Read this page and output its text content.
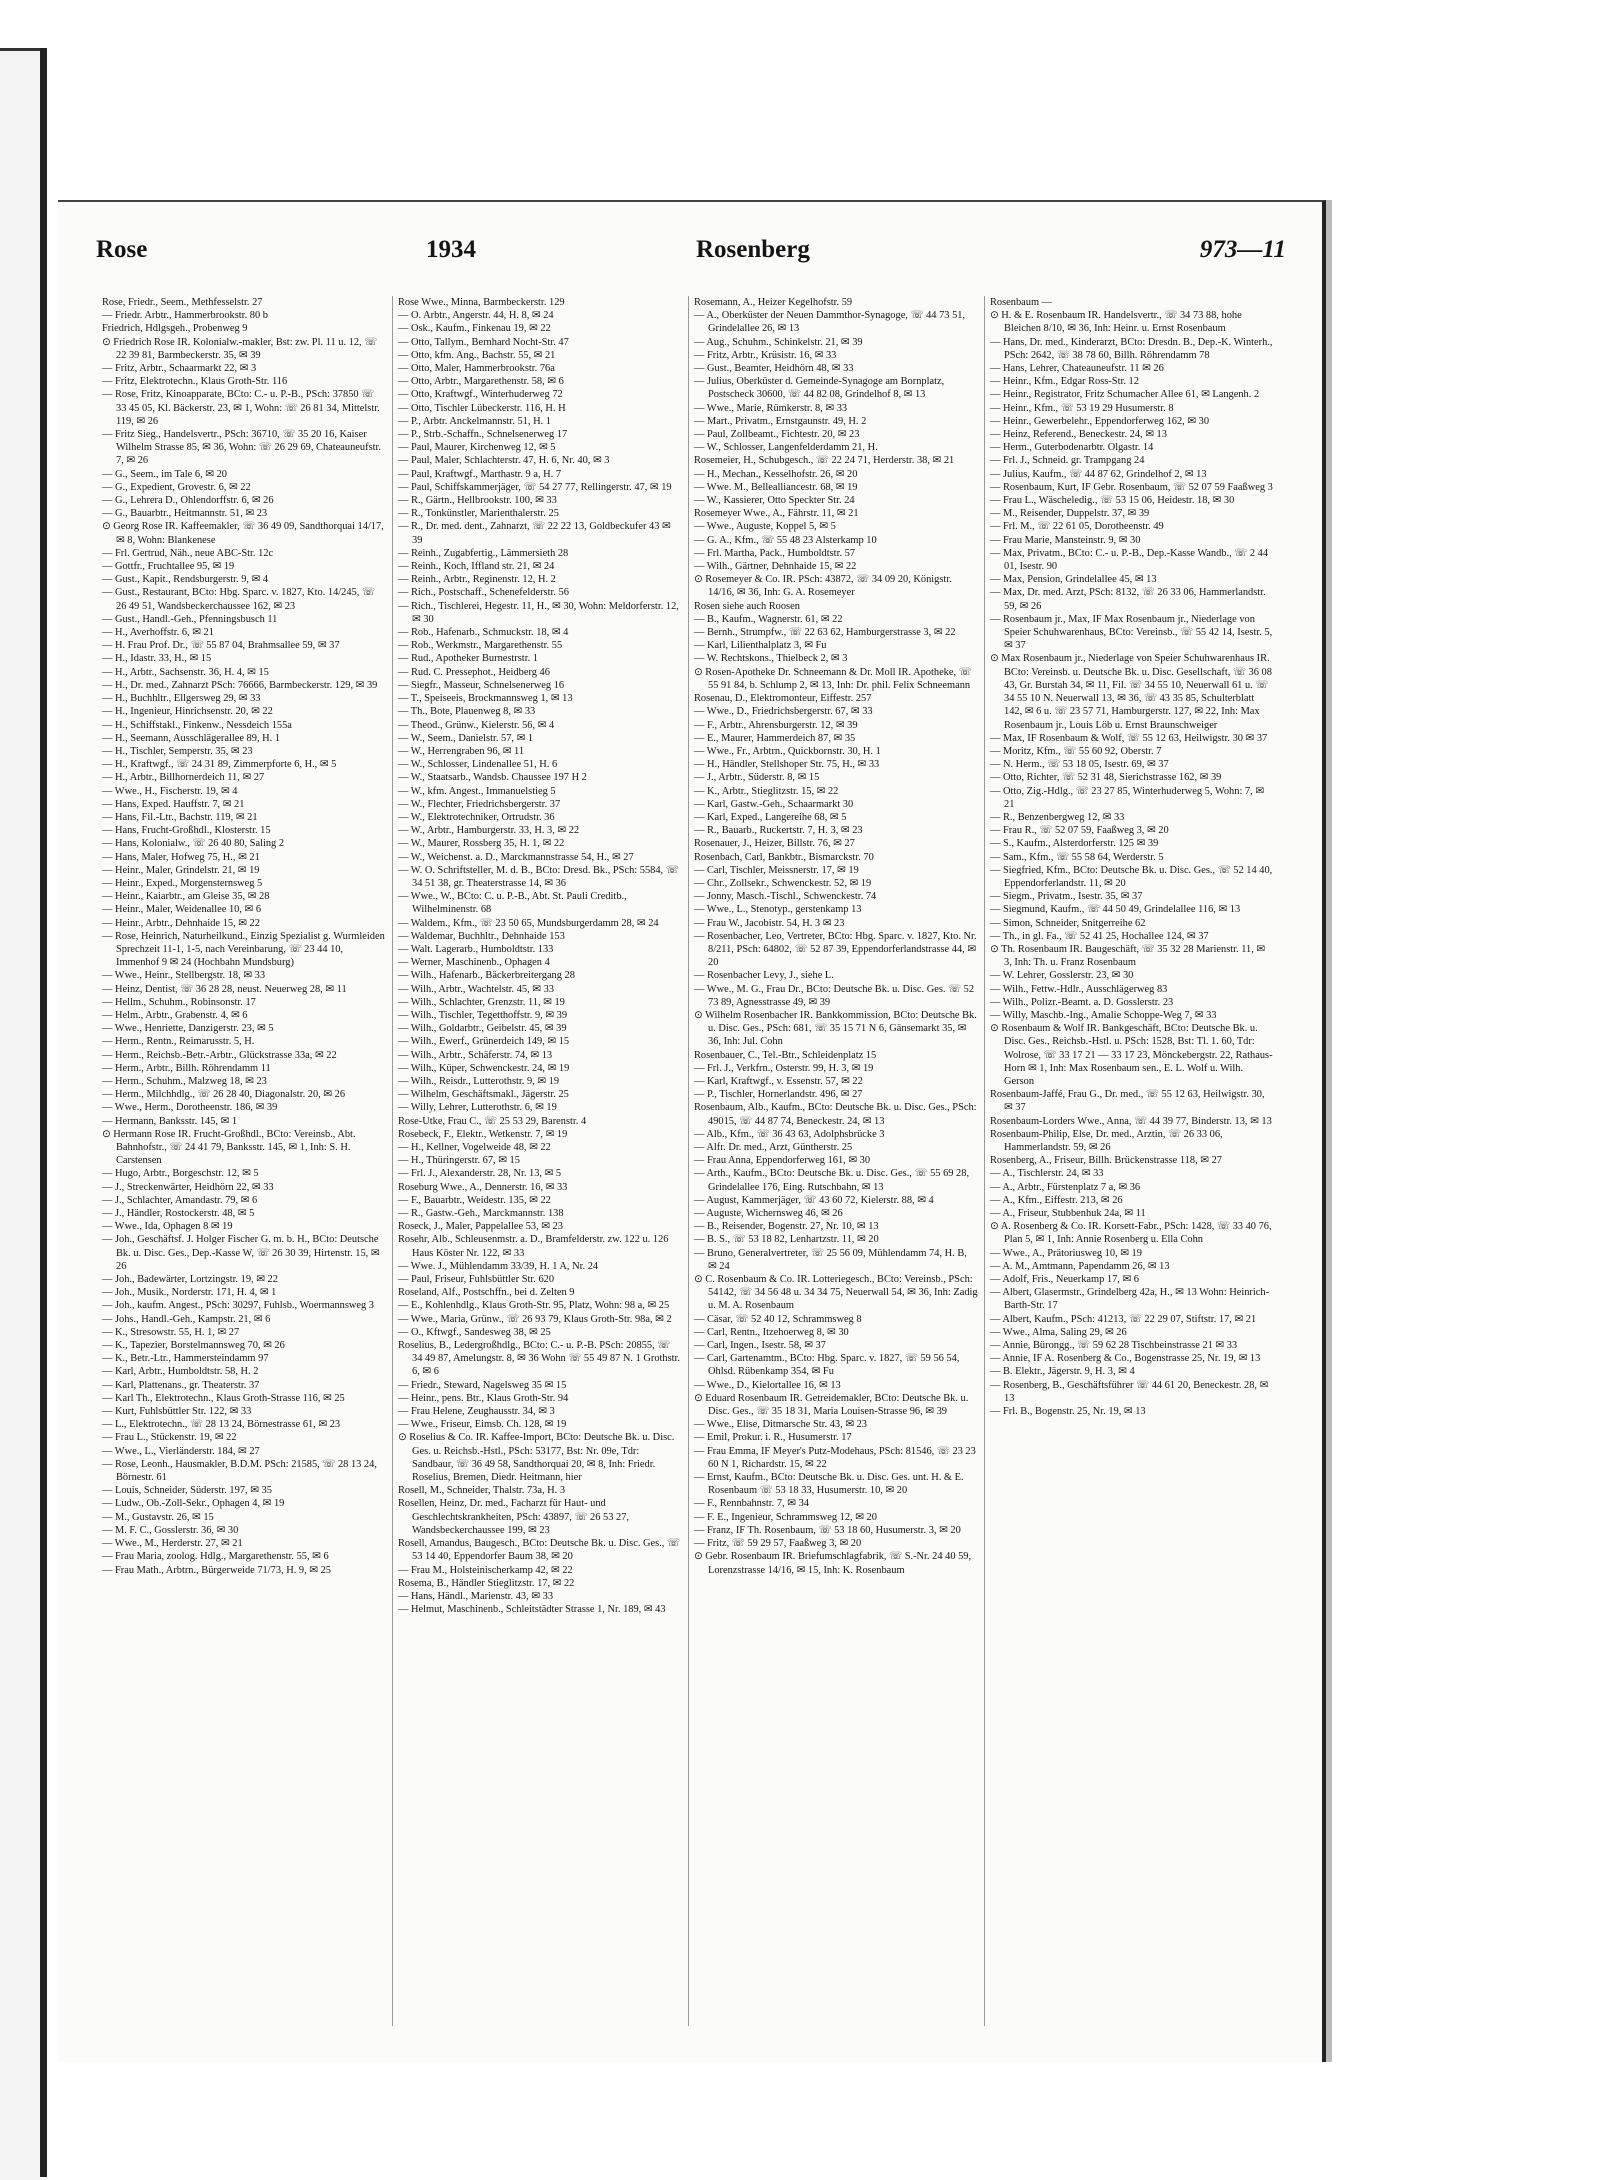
Rose	1934	Rosenberg	973—11

Rose, Friedr., Seem., Methfesselstr. 27

— Friedr. Arbtr., Hammerbrookstr. 80 b

Friedrich, Hdlgsgeh., Probenweg 9

⊙ Friedrich Rose IR. Kolonialw.-makler, Bst: zw. Pl. 11 u. 12, ☏ 22 39 81, Barmbeckerstr. 35, ✉ 39

— Fritz, Arbtr., Schaarmarkt 22, ✉ 3

— Fritz, Elektrotechn., Klaus Groth-Str. 116

— Rose, Fritz, Kinoapparate, BCto: C.- u. P.-B., PSch: 37850 ☏ 33 45 05, Kl. Bäckerstr. 23, ✉ 1, Wohn: ☏ 26 81 34, Mittelstr. 119, ✉ 26

— Fritz Sieg., Handelsvertr., PSch: 36710, ☏ 35 20 16, Kaiser Wilhelm Strasse 85, ✉ 36, Wohn: ☏ 26 29 69, Chateauneufstr. 7, ✉ 26

— G., Seem., im Tale 6, ✉ 20

— G., Expedient, Grovestr. 6, ✉ 22

— G., Lehrera D., Ohlendorffstr. 6, ✉ 26

— G., Bauarbtr., Heitmannstr. 51, ✉ 23

⊙ Georg Rose IR. Kaffeemakler, ☏ 36 49 09, Sandthorquai 14/17, ✉ 8, Wohn: Blankenese

— Frl. Gertrud, Näh., neue ABC-Str. 12c

— Gottfr., Fruchtallee 95, ✉ 19

— Gust., Kapit., Rendsburgerstr. 9, ✉ 4

— Gust., Restaurant, BCto: Hbg. Sparc. v. 1827, Kto. 14/245, ☏ 26 49 51, Wandsbeckerchaussee 162, ✉ 23

— Gust., Handl.-Geh., Pfenningsbusch 11

— H., Averhoffstr. 6, ✉ 21

— H. Frau Prof. Dr., ☏ 55 87 04, Brahmsallee 59, ✉ 37

— H., Idastr. 33, H., ✉ 15

— H., Arbtr., Sachsenstr. 36, H. 4, ✉ 15

— H., Dr. med., Zahnarzt PSch: 76666, Barmbeckerstr. 129, ✉ 39

— H., Buchhltr., Ellgersweg 29, ✉ 33

— H., Ingenieur, Hinrichsenstr. 20, ✉ 22

— H., Schiffstakl., Finkenw., Nessdeich 155a

— H., Seemann, Ausschlägerallee 89, H. 1

— H., Tischler, Semperstr. 35, ✉ 23

— H., Kraftwgf., ☏ 24 31 89, Zimmerpforte 6, H., ✉ 5

— H., Arbtr., Billhornerdeich 11, ✉ 27

— Wwe., H., Fischerstr. 19, ✉ 4

— Hans, Exped. Hauffstr. 7, ✉ 21

— Hans, Fil.-Ltr., Bachstr. 119, ✉ 21

— Hans, Frucht-Großhdl., Klosterstr. 15

— Hans, Kolonialw., ☏ 26 40 80, Saling 2

— Hans, Maler, Hofweg 75, H., ✉ 21

— Heinr., Maler, Grindelstr. 21, ✉ 19

— Heinr., Exped., Morgensternsweg 5

— Heinr., Kaiarbtr., am Gleise 35, ✉ 28

— Heinr., Maler, Weidenallee 10, ✉ 6

— Heinr., Arbtr., Dehnhaide 15, ✉ 22

— Rose, Heinrich, Naturheilkund., Einzig Spezialist g. Wurmleiden Sprechzeit 11-1, 1-5, nach Vereinbarung, ☏ 23 44 10, Immenhof 9 ✉ 24 (Hochbahn Mundsburg)

— Wwe., Heinr., Stellbergstr. 18, ✉ 33

— Heinz, Dentist, ☏ 36 28 28, neust. Neuerweg 28, ✉ 11

— Hellm., Schuhm., Robinsonstr. 17

— Helm., Arbtr., Grabenstr. 4, ✉ 6

— Wwe., Henriette, Danzigerstr. 23, ✉ 5

— Herm., Rentn., Reimarusstr. 5, H.

— Herm., Reichsb.-Betr.-Arbtr., Glückstrasse 33a, ✉ 22

— Herm., Arbtr., Billh. Röhrendamm 11

— Herm., Schuhm., Malzweg 18, ✉ 23

— Herm., Milchhdlg., ☏ 26 28 40, Diagonalstr. 20, ✉ 26

— Wwe., Herm., Dorotheenstr. 186, ✉ 39

— Hermann, Banksstr. 145, ✉ 1

⊙ Hermann Rose IR. Frucht-Großhdl., BCto: Vereinsb., Abt. Bahnhofstr., ☏ 24 41 79, Banksstr. 145, ✉ 1, Inh: S. H. Carstensen

— Hugo, Arbtr., Borgeschstr. 12, ✉ 5

— J., Streckenwärter, Heidhörn 22, ✉ 33

— J., Schlachter, Amandastr. 79, ✉ 6

— J., Händler, Rostockerstr. 48, ✉ 5

— Wwe., Ida, Ophagen 8 ✉ 19

— Joh., Geschäftsf. J. Holger Fischer G. m. b. H., BCto: Deutsche Bk. u. Disc. Ges., Dep.-Kasse W, ☏ 26 30 39, Hirtenstr. 15, ✉ 26

— Joh., Badewärter, Lortzingstr. 19, ✉ 22

— Joh., Musik., Norderstr. 171, H. 4, ✉ 1

— Joh., kaufm. Angest., PSch: 30297, Fuhlsb., Woermannsweg 3

— Johs., Handl.-Geh., Kampstr. 21, ✉ 6

— K., Stresowstr. 55, H. 1, ✉ 27

— K., Tapezier, Borstelmannsweg 70, ✉ 26

— K., Betr.-Ltr., Hammersteindamm 97

— Karl, Arbtr., Humboldtstr. 58, H. 2

— Karl, Plattenans., gr. Theaterstr. 37

— Karl Th., Elektrotechn., Klaus Groth-Strasse 116, ✉ 25

— Kurt, Fuhlsbüttler Str. 122, ✉ 33

— L., Elektrotechn., ☏ 28 13 24, Börnestrasse 61, ✉ 23

— Frau L., Stückenstr. 19, ✉ 22

— Wwe., L., Vierländerstr. 184, ✉ 27

— Rose, Leonh., Hausmakler, B.D.M. PSch: 21585, ☏ 28 13 24, Börnestr. 61

— Louis, Schneider, Süderstr. 197, ✉ 35

— Ludw., Ob.-Zoll-Sekr., Ophagen 4, ✉ 19

— M., Gustavstr. 26, ✉ 15

— M. F. C., Gosslerstr. 36, ✉ 30

— Wwe., M., Herderstr. 27, ✉ 21

— Frau Maria, zoolog. Hdlg., Margarethenstr. 55, ✉ 6

— Frau Math., Arbtrn., Bürgerweide 71/73, H. 9, ✉ 25

Rose Wwe., Minna, Barmbeckerstr. 129

— O. Arbtr., Angerstr. 44, H. 8, ✉ 24

— Osk., Kaufm., Finkenau 19, ✉ 22

— Otto, Tallym., Bernhard Nocht-Str. 47

— Otto, kfm. Ang., Bachstr. 55, ✉ 21

— Otto, Maler, Hammerbrookstr. 76a

— Otto, Arbtr., Margarethenstr. 58, ✉ 6

— Otto, Kraftwgf., Winterhuderweg 72

— Otto, Tischler Lübeckerstr. 116, H. H

— P., Arbtr. Anckelmannstr. 51, H. 1

— P., Strb.-Schaffn., Schnelsenerweg 17

— Paul, Maurer, Kirchenweg 12, ✉ 5

— Paul, Maler, Schlachterstr. 47, H. 6, Nr. 40, ✉ 3

— Paul, Kraftwgf., Marthastr. 9 a, H. 7

— Paul, Schiffskammerjäger, ☏ 54 27 77, Rellingerstr. 47, ✉ 19

— R., Gärtn., Hellbrookstr. 100, ✉ 33

— R., Tonkünstler, Marienthalerstr. 25

— R., Dr. med. dent., Zahnarzt, ☏ 22 22 13, Goldbeckufer 43 ✉ 39

— Reinh., Zugabfertig., Lämmersieth 28

— Reinh., Koch, Iffland str. 21, ✉ 24

— Reinh., Arbtr., Reginenstr. 12, H. 2

— Rich., Postschaff., Schenefelderstr. 56

— Rich., Tischlerei, Hegestr. 11, H., ✉ 30, Wohn: Meldorferstr. 12, ✉ 30

— Rob., Hafenarb., Schmuckstr. 18, ✉ 4

— Rob., Werkmstr., Margarethenstr. 55

— Rud., Apotheker Burnestrstr. 1

— Rud. C. Pressephot., Heidberg 46

— Siegfr., Masseur, Schnelsenerweg 16

— T., Speiseeis, Brockmannsweg 1, ✉ 13

— Th., Bote, Plauenweg 8, ✉ 33

— Theod., Grünw., Kielerstr. 56, ✉ 4

— W., Seem., Danielstr. 57, ✉ 1

— W., Herrengraben 96, ✉ 11

— W., Schlosser, Lindenallee 51, H. 6

— W., Staatsarb., Wandsb. Chaussee 197 H 2

— W., kfm. Angest., Immanuelstieg 5

— W., Flechter, Friedrichsbergerstr. 37

— W., Elektrotechniker, Ortrudstr. 36

— W., Arbtr., Hamburgerstr. 33, H. 3, ✉ 22

— W., Maurer, Rossberg 35, H. 1, ✉ 22

— W., Weichenst. a. D., Marckmannstrasse 54, H., ✉ 27

— W. O. Schriftsteller, M. d. B., BCto: Dresd. Bk., PSch: 5584, ☏ 34 51 38, gr. Theaterstrasse 14, ✉ 36

— Wwe., W., BCto: C. u. P.-B., Abt. St. Pauli Creditb., Wilhelminenstr. 68

— Waldem., Kfm., ☏ 23 50 65, Mundsburgerdamm 28, ✉ 24

— Waldemar, Buchhltr., Dehnhaide 153

— Walt. Lagerarb., Humboldtstr. 133

— Werner, Maschinenb., Ophagen 4

— Wilh., Hafenarb., Bäckerbreitergang 28

— Wilh., Arbtr., Wachtelstr. 45, ✉ 33

— Wilh., Schlachter, Grenzstr. 11, ✉ 19

— Wilh., Tischler, Tegetthoffstr. 9, ✉ 39

— Wilh., Goldarbtr., Geibelstr. 45, ✉ 39

— Wilh., Ewerf., Grünerdeich 149, ✉ 15

— Wilh., Arbtr., Schäferstr. 74, ✉ 13

— Wilh., Küper, Schwenckestr. 24, ✉ 19

— Wilh., Reisdr., Lutterothstr. 9, ✉ 19

— Wilhelm, Geschäftsmakl., Jägerstr. 25

— Willy, Lehrer, Lutterothstr. 6, ✉ 19

Rose-Utke, Frau C., ☏ 25 53 29, Barenstr. 4

Rosebeck, F., Elektr., Wetkenstr. 7, ✉ 19

— H., Kellner, Vogelweide 48, ✉ 22

— H., Thüringerstr. 67, ✉ 15

— Frl. J., Alexanderstr. 28, Nr. 13, ✉ 5

Roseburg Wwe., A., Dennerstr. 16, ✉ 33

— F., Bauarbtr., Weidestr. 135, ✉ 22

— R., Gastw.-Geh., Marckmannstr. 138

Roseck, J., Maler, Pappelallee 53, ✉ 23

Rosehr, Alb., Schleusenmstr. a. D., Bramfelderstr. zw. 122 u. 126 Haus Köster Nr. 122, ✉ 33

— Wwe. J., Mühlendamm 33/39, H. 1 A, Nr. 24

— Paul, Friseur, Fuhlsbüttler Str. 620

Roseland, Alf., Postschffn., bei d. Zelten 9

— E., Kohlenhdlg., Klaus Groth-Str. 95, Platz, Wohn: 98 a, ✉ 25

— Wwe., Maria, Grünw., ☏ 26 93 79, Klaus Groth-Str. 98a, ✉ 2

— O., Kftwgf., Sandesweg 38, ✉ 25

Roselius, B., Ledergroßhdlg., BCto: C.- u. P.-B. PSch: 20855, ☏ 34 49 87, Amelungstr. 8, ✉ 36 Wohn ☏ 55 49 87 N. 1 Grothstr. 6, ✉ 6

— Friedr., Steward, Nagelsweg 35 ✉ 15

— Heinr., pens. Btr., Klaus Groth-Str. 94

— Frau Helene, Zeughausstr. 34, ✉ 3

— Wwe., Friseur, Eimsb. Ch. 128, ✉ 19

⊙ Roselius & Co. IR. Kaffee-Import, BCto: Deutsche Bk. u. Disc. Ges. u. Reichsb.-Hstl., PSch: 53177, Bst: Nr. 09e, Tdr: Sandbaur, ☏ 36 49 58, Sandthorquai 20, ✉ 8, Inh: Friedr. Roselius, Bremen, Diedr. Heitmann, hier

Rosell, M., Schneider, Thalstr. 73a, H. 3

Rosellen, Heinz, Dr. med., Facharzt für Haut- und Geschlechtskrankheiten, PSch: 43897, ☏ 26 53 27, Wandsbeckerchaussee 199, ✉ 23

Rosell, Amandus, Baugesch., BCto: Deutsche Bk. u. Disc. Ges., ☏ 53 14 40, Eppendorfer Baum 38, ✉ 20

— Frau M., Holsteinischerkamp 42, ✉ 22

Rosema, B., Händler Stieglitzstr. 17, ✉ 22

— Hans, Händl., Marienstr. 43, ✉ 33

— Helmut, Maschinenb., Schleitstädter Strasse 1, Nr. 189, ✉ 43

Rosemann, A., Heizer Kegelhofstr. 59

— A., Oberküster der Neuen Dammthor-Synagoge, ☏ 44 73 51, Grindelallee 26, ✉ 13

— Aug., Schuhm., Schinkelstr. 21, ✉ 39

— Fritz, Arbtr., Krüsistr. 16, ✉ 33

— Gust., Beamter, Heidhörn 48, ✉ 33

— Julius, Oberküster d. Gemeinde-Synagoge am Bornplatz, Postscheck 30600, ☏ 44 82 08, Grindelhof 8, ✉ 13

— Wwe., Marie, Rümkerstr. 8, ✉ 33

— Mart., Privatm., Ernstgaunstr. 49, H. 2

— Paul, Zollbeamt., Fichtestr. 20, ✉ 23

— W., Schlosser, Langenfelderdamm 21, H.

Rosemeier, H., Schubgesch., ☏ 22 24 71, Herderstr. 38, ✉ 21

— H., Mechan., Kesselhofstr. 26, ✉ 20

— Wwe. M., Bellealliancestr. 68, ✉ 19

— W., Kassierer, Otto Speckter Str. 24

Rosemeyer Wwe., A., Fährstr. 11, ✉ 21

— Wwe., Auguste, Koppel 5, ✉ 5

— G. A., Kfm., ☏ 55 48 23 Alsterkamp 10

— Frl. Martha, Pack., Humboldtstr. 57

— Wilh., Gärtner, Dehnhaide 15, ✉ 22

⊙ Rosemeyer & Co. IR. PSch: 43872, ☏ 34 09 20, Königstr. 14/16, ✉ 36, Inh: G. A. Rosemeyer

Rosen siehe auch Roosen

— B., Kaufm., Wagnerstr. 61, ✉ 22

— Bernh., Strumpfw., ☏ 22 63 62, Hamburgerstrasse 3, ✉ 22

— Karl, Lilienthalplatz 3, ✉ Fu

— W. Rechtskons., Thielbeck 2, ✉ 3

⊙ Rosen-Apotheke Dr. Schneemann & Dr. Moll IR. Apotheke, ☏ 55 91 84, b. Schlump 2, ✉ 13, Inh: Dr. phil. Felix Schneemann

Rosenau, D., Elektromonteur, Eiffestr. 257

— Wwe., D., Friedrichsbergerstr. 67, ✉ 33

— F., Arbtr., Ahrensburgerstr. 12, ✉ 39

— E., Maurer, Hammerdeich 87, ✉ 35

— Wwe., Fr., Arbtrn., Quickbornstr. 30, H. 1

— H., Händler, Stellshoper Str. 75, H., ✉ 33

— J., Arbtr., Süderstr. 8, ✉ 15

— K., Arbtr., Stieglitzstr. 15, ✉ 22

— Karl, Gastw.-Geh., Schaarmarkt 30

— Karl, Exped., Langereihe 68, ✉ 5

— R., Bauarb., Ruckertstr. 7, H. 3, ✉ 23

Rosenauer, J., Heizer, Billstr. 76, ✉ 27

Rosenbach, Carl, Bankbtr., Bismarckstr. 70

— Carl, Tischler, Meissnerstr. 17, ✉ 19

— Chr., Zollsekr., Schwenckestr. 52, ✉ 19

— Jonny, Masch.-Tischl., Schwenckestr. 74

— Wwe., L., Stenotyp., gerstenkamp 13

— Frau W., Jacobistr. 54, H. 3 ✉ 23

— Rosenbacher, Leo, Vertreter, BCto: Hbg. Sparc. v. 1827, Kto. Nr. 8/211, PSch: 64802, ☏ 52 87 39, Eppendorferlandstrasse 44, ✉ 20

— Rosenbacher Levy, J., siehe L.

— Wwe., M. G., Frau Dr., BCto: Deutsche Bk. u. Disc. Ges. ☏ 52 73 89, Agnesstrasse 49, ✉ 39

⊙ Wilhelm Rosenbacher IR. Bankkommission, BCto: Deutsche Bk. u. Disc. Ges., PSch: 681, ☏ 35 15 71 N 6, Gänsemarkt 35, ✉ 36, Inh: Jul. Cohn

Rosenbauer, C., Tel.-Btr., Schleidenplatz 15

— Frl. J., Verkfrn., Osterstr. 99, H. 3, ✉ 19

— Karl, Kraftwgf., v. Essenstr. 57, ✉ 22

— P., Tischler, Hornerlandstr. 496, ✉ 27

Rosenbaum, Alb., Kaufm., BCto: Deutsche Bk. u. Disc. Ges., PSch: 49015, ☏ 44 87 74, Beneckestr. 24, ✉ 13

— Alb., Kfm., ☏ 36 43 63, Adolphsbrücke 3

— Alfr. Dr. med., Arzt, Güntherstr. 25

— Frau Anna, Eppendorferweg 161, ✉ 30

— Arth., Kaufm., BCto: Deutsche Bk. u. Disc. Ges., ☏ 55 69 28, Grindelallee 176, Eing. Rutschbahn, ✉ 13

— August, Kammerjäger, ☏ 43 60 72, Kielerstr. 88, ✉ 4

— Auguste, Wichernsweg 46, ✉ 26

— B., Reisender, Bogenstr. 27, Nr. 10, ✉ 13

— B. S., ☏ 53 18 82, Lenhartzstr. 11, ✉ 20

— Bruno, Generalvertreter, ☏ 25 56 09, Mühlendamm 74, H. B, ✉ 24

⊙ C. Rosenbaum & Co. IR. Lotteriegesch., BCto: Vereinsb., PSch: 54142, ☏ 34 56 48 u. 34 34 75, Neuerwall 54, ✉ 36, Inh: Zadig u. M. A. Rosenbaum

— Cäsar, ☏ 52 40 12, Schrammsweg 8

— Carl, Rentn., Itzehoerweg 8, ✉ 30

— Carl, Ingen., Isestr. 58, ✉ 37

— Carl, Gartenamtm., BCto: Hbg. Sparc. v. 1827, ☏ 59 56 54, Ohlsd. Rübenkamp 354, ✉ Fu

— Wwe., D., Kielortallee 16, ✉ 13

⊙ Eduard Rosenbaum IR. Getreidemakler, BCto: Deutsche Bk. u. Disc. Ges., ☏ 35 18 31, Maria Louisen-Strasse 96, ✉ 39

— Wwe., Elise, Ditmarsche Str. 43, ✉ 23

— Emil, Prokur. i. R., Husumerstr. 17

— Frau Emma, IF Meyer's Putz-Modehaus, PSch: 81546, ☏ 23 23 60 N 1, Richardstr. 15, ✉ 22

— Ernst, Kaufm., BCto: Deutsche Bk. u. Disc. Ges. unt. H. & E. Rosenbaum ☏ 53 18 33, Husumerstr. 10, ✉ 20

— F., Rennbahnstr. 7, ✉ 34

— F. E., Ingenieur, Schrammsweg 12, ✉ 20

— Franz, IF Th. Rosenbaum, ☏ 53 18 60, Husumerstr. 3, ✉ 20

— Fritz, ☏ 59 29 57, Faaßweg 3, ✉ 20

⊙ Gebr. Rosenbaum IR. Briefumschlagfabrik, ☏ S.-Nr. 24 40 59, Lorenzstrasse 14/16, ✉ 15, Inh: K. Rosenbaum

Rosenbaum —

⊙ H. & E. Rosenbaum IR. Handelsvertr., ☏ 34 73 88, hohe Bleichen 8/10, ✉ 36, Inh: Heinr. u. Ernst Rosenbaum

— Hans, Dr. med., Kinderarzt, BCto: Dresdn. B., Dep.-K. Winterh., PSch: 2642, ☏ 38 78 60, Billh. Röhrendamm 78

— Hans, Lehrer, Chateauneufstr. 11 ✉ 26

— Heinr., Kfm., Edgar Ross-Str. 12

— Heinr., Registrator, Fritz Schumacher Allee 61, ✉ Langenh. 2

— Heinr., Kfm., ☏ 53 19 29 Husumerstr. 8

— Heinr., Gewerbelehr., Eppendorferweg 162, ✉ 30

— Heinz, Referend., Beneckestr. 24, ✉ 13

— Herm., Guterbodenarbtr. Olgastr. 14

— Frl. J., Schneid. gr. Trampgang 24

— Julius, Kaufm., ☏ 44 87 62, Grindelhof 2, ✉ 13

— Rosenbaum, Kurt, IF Gebr. Rosenbaum, ☏ 52 07 59 Faaßweg 3

— Frau L., Wäscheledig., ☏ 53 15 06, Heidestr. 18, ✉ 30

— M., Reisender, Duppelstr. 37, ✉ 39

— Frl. M., ☏ 22 61 05, Dorotheenstr. 49

— Frau Marie, Mansteinstr. 9, ✉ 30

— Max, Privatm., BCto: C.- u. P.-B., Dep.-Kasse Wandb., ☏ 2 44 01, Isestr. 90

— Max, Pension, Grindelallee 45, ✉ 13

— Max, Dr. med. Arzt, PSch: 8132, ☏ 26 33 06, Hammerlandstr. 59, ✉ 26

— Rosenbaum jr., Max, IF Max Rosenbaum jr., Niederlage von Speier Schuhwarenhaus, BCto: Vereinsb., ☏ 55 42 14, Isestr. 5, ✉ 37

⊙ Max Rosenbaum jr., Niederlage von Speier Schuhwarenhaus IR. BCto: Vereinsb. u. Deutsche Bk. u. Disc. Gesellschaft, ☏ 36 08 43, Gr. Burstah 34, ✉ 11, Fil. ☏ 34 55 10, Neuerwall 61 u. ☏ 34 55 10 N. Neuerwall 13, ✉ 36, ☏ 43 35 85, Schulterblatt 142, ✉ 6 u. ☏ 23 57 71, Hamburgerstr. 127, ✉ 22, Inh: Max Rosenbaum jr., Louis Löb u. Ernst Braunschweiger

— Max, IF Rosenbaum & Wolf, ☏ 55 12 63, Heilwigstr. 30 ✉ 37

— Moritz, Kfm., ☏ 55 60 92, Oberstr. 7

— N. Herm., ☏ 53 18 05, Isestr. 69, ✉ 37

— Otto, Richter, ☏ 52 31 48, Sierichstrasse 162, ✉ 39

— Otto, Zig.-Hdlg., ☏ 23 27 85, Winterhuderweg 5, Wohn: 7, ✉ 21

— R., Benzenbergweg 12, ✉ 33

— Frau R., ☏ 52 07 59, Faaßweg 3, ✉ 20

— S., Kaufm., Alsterdorferstr. 125 ✉ 39

— Sam., Kfm., ☏ 55 58 64, Werderstr. 5

— Siegfried, Kfm., BCto: Deutsche Bk. u. Disc. Ges., ☏ 52 14 40, Eppendorferlandstr. 11, ✉ 20

— Siegm., Privatm., Isestr. 35, ✉ 37

— Siegmund, Kaufm., ☏ 44 50 49, Grindelallee 116, ✉ 13

— Simon, Schneider, Snitgerreihe 62

— Th., in gl. Fa., ☏ 52 41 25, Hochallee 124, ✉ 37

⊙ Th. Rosenbaum IR. Baugeschäft, ☏ 35 32 28 Marienstr. 11, ✉ 3, Inh: Th. u. Franz Rosenbaum

— W. Lehrer, Gosslerstr. 23, ✉ 30

— Wilh., Fettw.-Hdlr., Ausschlägerweg 83

— Wilh., Polizr.-Beamt. a. D. Gosslerstr. 23

— Willy, Maschb.-Ing., Amalie Schoppe-Weg 7, ✉ 33

⊙ Rosenbaum & Wolf IR. Bankgeschäft, BCto: Deutsche Bk. u. Disc. Ges., Reichsb.-Hstl. u. PSch: 1528, Bst: Tl. 1. 60, Tdr: Wolrose, ☏ 33 17 21 — 33 17 23, Mönckebergstr. 22, Rathaus-Horn ✉ 1, Inh: Max Rosenbaum sen., E. L. Wolf u. Wilh. Gerson

Rosenbaum-Jaffé, Frau G., Dr. med., ☏ 55 12 63, Heilwigstr. 30, ✉ 37

Rosenbaum-Lorders Wwe., Anna, ☏ 44 39 77, Binderstr. 13, ✉ 13

Rosenbaum-Philip, Else, Dr. med., Arztin, ☏ 26 33 06, Hammerlandstr. 59, ✉ 26

Rosenberg, A., Friseur, Billh. Brückenstrasse 118, ✉ 27

— A., Tischlerstr. 24, ✉ 33

— A., Arbtr., Fürstenplatz 7 a, ✉ 36

— A., Kfm., Eiffestr. 213, ✉ 26

— A., Friseur, Stubbenhuk 24a, ✉ 11

⊙ A. Rosenberg & Co. IR. Korsett-Fabr., PSch: 1428, ☏ 33 40 76, Plan 5, ✉ 1, Inh: Annie Rosenberg u. Ella Cohn

— Wwe., A., Prätoriusweg 10, ✉ 19

— A. M., Amtmann, Papendamm 26, ✉ 13

— Adolf, Fris., Neuerkamp 17, ✉ 6

— Albert, Glasermstr., Grindelberg 42a, H., ✉ 13 Wohn: Heinrich-Barth-Str. 17

— Albert, Kaufm., PSch: 41213, ☏ 22 29 07, Stiftstr. 17, ✉ 21

— Wwe., Alma, Saling 29, ✉ 26

— Annie, Bürongg., ☏ 59 62 28 Tischbeinstrasse 21 ✉ 33

— Annie, IF A. Rosenberg & Co., Bogenstrasse 25, Nr. 19, ✉ 13

— B. Elektr., Jägerstr. 9, H. 3, ✉ 4

— Rosenberg, B., Geschäftsführer ☏ 44 61 20, Beneckestr. 28, ✉ 13

— Frl. B., Bogenstr. 25, Nr. 19, ✉ 13
